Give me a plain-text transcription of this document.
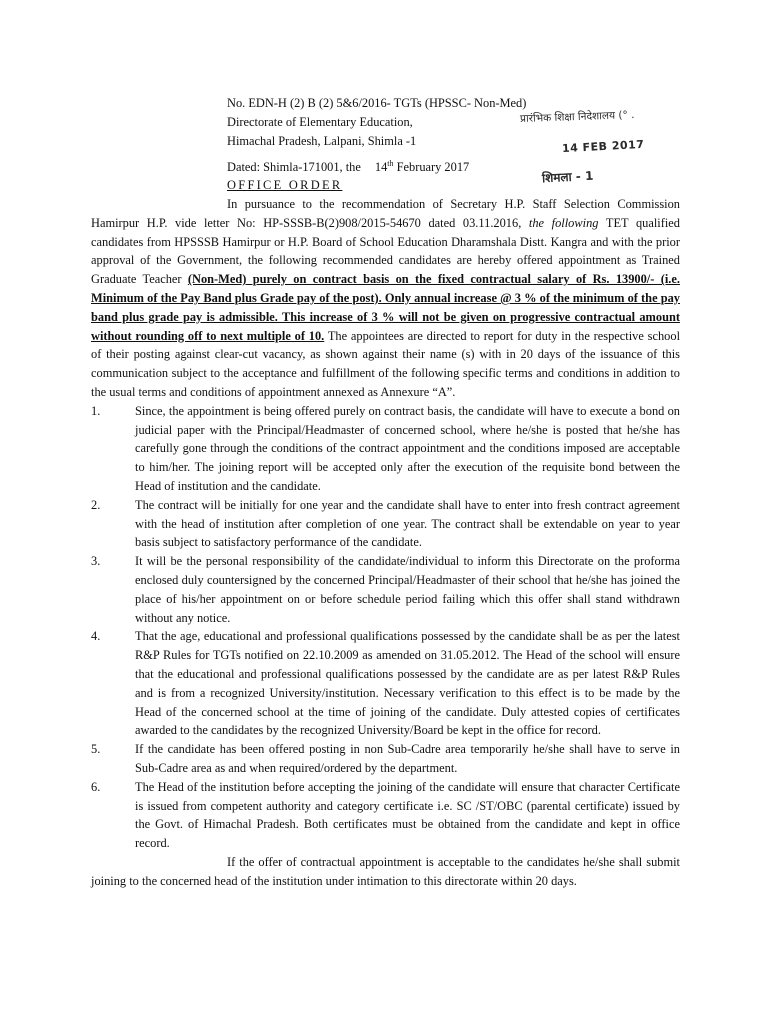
No. EDN-H (2) B (2) 5&6/2016- TGTs (HPSSC- Non-Med)
Directorate of Elementary Education,
Himachal Pradesh, Lalpani, Shimla -1
प्रारंभिक शिक्षा निदेशालय (° .
14 FEB 2017
शिमला - 1
Dated: Shimla-171001, the 14th February 2017
OFFICE ORDER

In pursuance to the recommendation of Secretary H.P. Staff Selection Commission Hamirpur H.P. vide letter No: HP-SSSB-B(2)908/2015-54670 dated 03.11.2016, the following TET qualified candidates from HPSSSB Hamirpur or H.P. Board of School Education Dharamshala Distt. Kangra and with the prior approval of the Government, the following recommended candidates are hereby offered appointment as Trained Graduate Teacher (Non-Med) purely on contract basis on the fixed contractual salary of Rs. 13900/- (i.e. Minimum of the Pay Band plus Grade pay of the post). Only annual increase @ 3 % of the minimum of the pay band plus grade pay is admissible. This increase of 3 % will not be given on progressive contractual amount without rounding off to next multiple of 10. The appointees are directed to report for duty in the respective school of their posting against clear-cut vacancy, as shown against their name (s) with in 20 days of the issuance of this communication subject to the acceptance and fulfillment of the following specific terms and conditions in addition to the usual terms and conditions of appointment annexed as Annexure “A”.

1.	Since, the appointment is being offered purely on contract basis, the candidate will have to execute a bond on judicial paper with the Principal/Headmaster of concerned school, where he/she is posted that he/she has carefully gone through the conditions of the contract appointment and the conditions imposed are acceptable to him/her. The joining report will be accepted only after the execution of the requisite bond between the Head of institution and the candidate.
2.	The contract will be initially for one year and the candidate shall have to enter into fresh contract agreement with the head of institution after completion of one year. The contract shall be extendable on year to year basis subject to satisfactory performance of the candidate.
3.	It will be the personal responsibility of the candidate/individual to inform this Directorate on the proforma enclosed duly countersigned by the concerned Principal/Headmaster of their school that he/she has joined the place of his/her appointment on or before schedule period failing which this offer shall stand withdrawn without any notice.
4.	That the age, educational and professional qualifications possessed by the candidate shall be as per the latest R&P Rules for TGTs notified on 22.10.2009 as amended on 31.05.2012. The Head of the school will ensure that the educational and professional qualifications possessed by the candidate are as per latest R&P Rules and is from a recognized University/institution. Necessary verification to this effect is to be made by the Head of the concerned school at the time of joining of the candidate. Duly attested copies of certificates awarded to the candidates by the recognized University/Board be kept in the office for record.
5.	If the candidate has been offered posting in non Sub-Cadre area temporarily he/she shall have to serve in Sub-Cadre area as and when required/ordered by the department.
6.	The Head of the institution before accepting the joining of the candidate will ensure that character Certificate is issued from competent authority and category certificate i.e. SC /ST/OBC (parental certificate) issued by the Govt. of Himachal Pradesh. Both certificates must be obtained from the candidate and kept in office record.

If the offer of contractual appointment is acceptable to the candidates he/she shall submit joining to the concerned head of the institution under intimation to this directorate within 20 days.
